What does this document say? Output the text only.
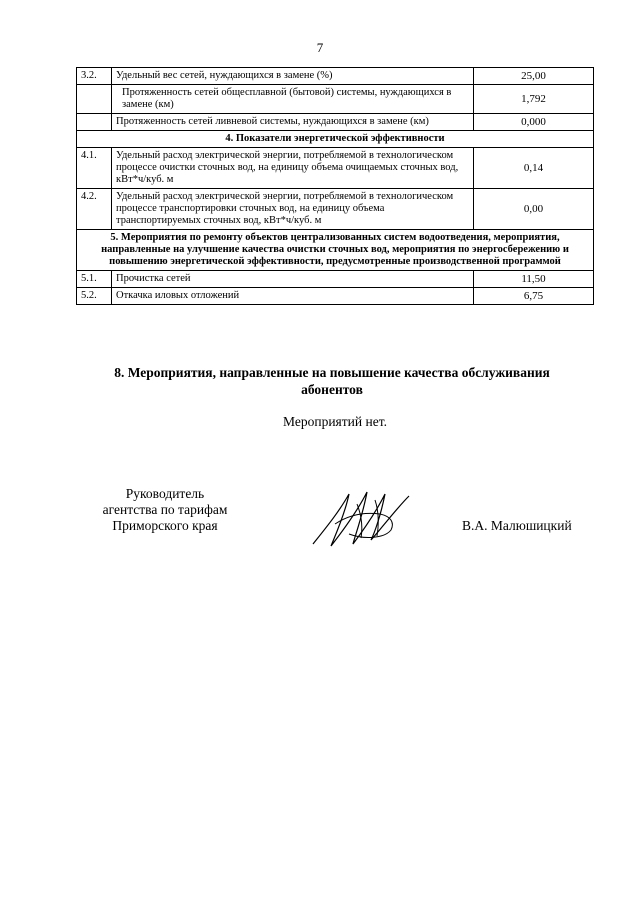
7
3.2.	Удельный вес сетей, нуждающихся в замене (%)	25,00
	Протяженность сетей общесплавной (бытовой) системы, нуждающихся в замене (км)	1,792
	Протяженность сетей ливневой системы, нуждающихся в замене (км)	0,000
4. Показатели энергетической эффективности		
4.1.	Удельный расход электрической энергии, потребляемой в технологическом процессе очистки сточных вод, на единицу объема очищаемых сточных вод, кВт*ч/куб. м	0,14
4.2.	Удельный расход электрической энергии, потребляемой в технологическом процессе транспортировки сточных вод, на единицу объема транспортируемых сточных вод, кВт*ч/куб. м	0,00
5. Мероприятия по ремонту объектов централизованных систем водоотведения, мероприятия, направленные на улучшение качества очистки сточных вод, мероприятия по энергосбережению и повышению энергетической эффективности, предусмотренные производственной программой		
5.1.	Прочистка сетей	11,50
5.2.	Откачка иловых отложений	6,75
8. Мероприятия, направленные на повышение качества обслуживания абонентов
Мероприятий нет.
Руководитель
агентства по тарифам
Приморского края	В.А. Малюшицкий
